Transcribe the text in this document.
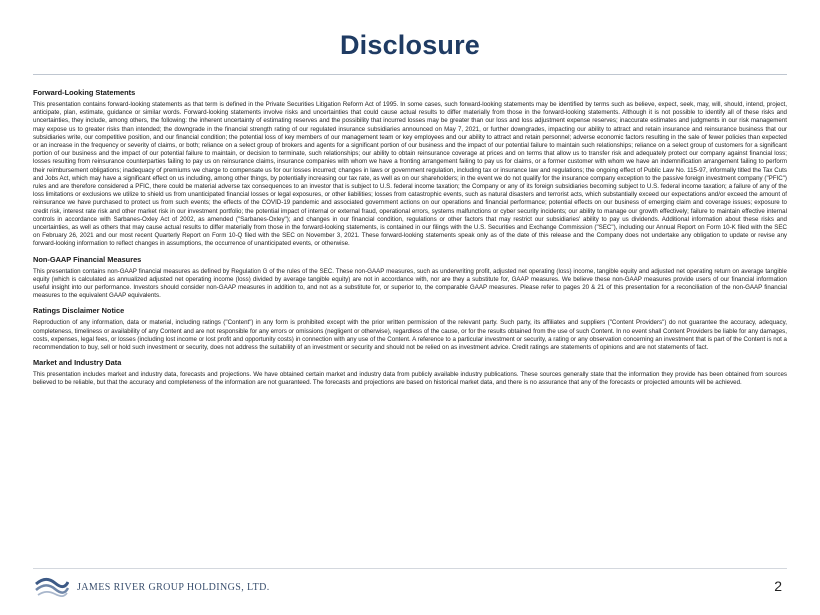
Disclosure
Forward-Looking Statements
This presentation contains forward-looking statements as that term is defined in the Private Securities Litigation Reform Act of 1995. In some cases, such forward-looking statements may be identified by terms such as believe, expect, seek, may, will, should, intend, project, anticipate, plan, estimate, guidance or similar words. Forward-looking statements involve risks and uncertainties that could cause actual results to differ materially from those in the forward-looking statements. Although it is not possible to identify all of these risks and uncertainties, they include, among others, the following: the inherent uncertainty of estimating reserves and the possibility that incurred losses may be greater than our loss and loss adjustment expense reserves; inaccurate estimates and judgments in our risk management may expose us to greater risks than intended; the downgrade in the financial strength rating of our regulated insurance subsidiaries announced on May 7, 2021, or further downgrades, impacting our ability to attract and retain insurance and reinsurance business that our subsidiaries write, our competitive position, and our financial condition; the potential loss of key members of our management team or key employees and our ability to attract and retain personnel; adverse economic factors resulting in the sale of fewer policies than expected or an increase in the frequency or severity of claims, or both; reliance on a select group of brokers and agents for a significant portion of our business and the impact of our potential failure to maintain such relationships; reliance on a select group of customers for a significant portion of our business and the impact of our potential failure to maintain, or decision to terminate, such relationships; our ability to obtain reinsurance coverage at prices and on terms that allow us to transfer risk and adequately protect our company against financial loss; losses resulting from reinsurance counterparties failing to pay us on reinsurance claims, insurance companies with whom we have a fronting arrangement failing to pay us for claims, or a former customer with whom we have an indemnification arrangement failing to perform their reimbursement obligations; inadequacy of premiums we charge to compensate us for our losses incurred; changes in laws or government regulation, including tax or insurance law and regulations; the ongoing effect of Public Law No. 115-97, informally titled the Tax Cuts and Jobs Act, which may have a significant effect on us including, among other things, by potentially increasing our tax rate, as well as on our shareholders; in the event we do not qualify for the insurance company exception to the passive foreign investment company ("PFIC") rules and are therefore considered a PFIC, there could be material adverse tax consequences to an investor that is subject to U.S. federal income taxation; the Company or any of its foreign subsidiaries becoming subject to U.S. federal income taxation; a failure of any of the loss limitations or exclusions we utilize to shield us from unanticipated financial losses or legal exposures, or other liabilities; losses from catastrophic events, such as natural disasters and terrorist acts, which substantially exceed our expectations and/or exceed the amount of reinsurance we have purchased to protect us from such events; the effects of the COVID-19 pandemic and associated government actions on our operations and financial performance; potential effects on our business of emerging claim and coverage issues; exposure to credit risk, interest rate risk and other market risk in our investment portfolio; the potential impact of internal or external fraud, operational errors, systems malfunctions or cyber security incidents; our ability to manage our growth effectively; failure to maintain effective internal controls in accordance with Sarbanes-Oxley Act of 2002, as amended ("Sarbanes-Oxley"); and changes in our financial condition, regulations or other factors that may restrict our subsidiaries' ability to pay us dividends. Additional information about these risks and uncertainties, as well as others that may cause actual results to differ materially from those in the forward-looking statements, is contained in our filings with the U.S. Securities and Exchange Commission ("SEC"), including our Annual Report on Form 10-K filed with the SEC on February 26, 2021 and our most recent Quarterly Report on Form 10-Q filed with the SEC on November 3, 2021. These forward-looking statements speak only as of the date of this release and the Company does not undertake any obligation to update or revise any forward-looking information to reflect changes in assumptions, the occurrence of unanticipated events, or otherwise.
Non-GAAP Financial Measures
This presentation contains non-GAAP financial measures as defined by Regulation G of the rules of the SEC. These non-GAAP measures, such as underwriting profit, adjusted net operating (loss) income, tangible equity and adjusted net operating return on average tangible equity (which is calculated as annualized adjusted net operating income (loss) divided by average tangible equity) are not in accordance with, nor are they a substitute for, GAAP measures. We believe these non-GAAP measures provide users of our financial information useful insight into our performance. Investors should consider non-GAAP measures in addition to, and not as a substitute for, or superior to, the comparable GAAP measures. Please refer to pages 20 & 21 of this presentation for a reconciliation of the non-GAAP financial measures to the equivalent GAAP equivalents.
Ratings Disclaimer Notice
Reproduction of any information, data or material, including ratings ("Content") in any form is prohibited except with the prior written permission of the relevant party. Such party, its affiliates and suppliers ("Content Providers") do not guarantee the accuracy, adequacy, completeness, timeliness or availability of any Content and are not responsible for any errors or omissions (negligent or otherwise), regardless of the cause, or for the results obtained from the use of such Content. In no event shall Content Providers be liable for any damages, costs, expenses, legal fees, or losses (including lost income or lost profit and opportunity costs) in connection with any use of the Content. A reference to a particular investment or security, a rating or any observation concerning an investment that is part of the Content is not a recommendation to buy, sell or hold such investment or security, does not address the suitability of an investment or security and should not be relied on as investment advice. Credit ratings are statements of opinions and are not statements of fact.
Market and Industry Data
This presentation includes market and industry data, forecasts and projections. We have obtained certain market and industry data from publicly available industry publications. These sources generally state that the information they provide has been obtained from sources believed to be reliable, but that the accuracy and completeness of the information are not guaranteed. The forecasts and projections are based on historical market data, and there is no assurance that any of the forecasts or projected amounts will be achieved.
JAMES RIVER GROUP HOLDINGS, LTD.	2
